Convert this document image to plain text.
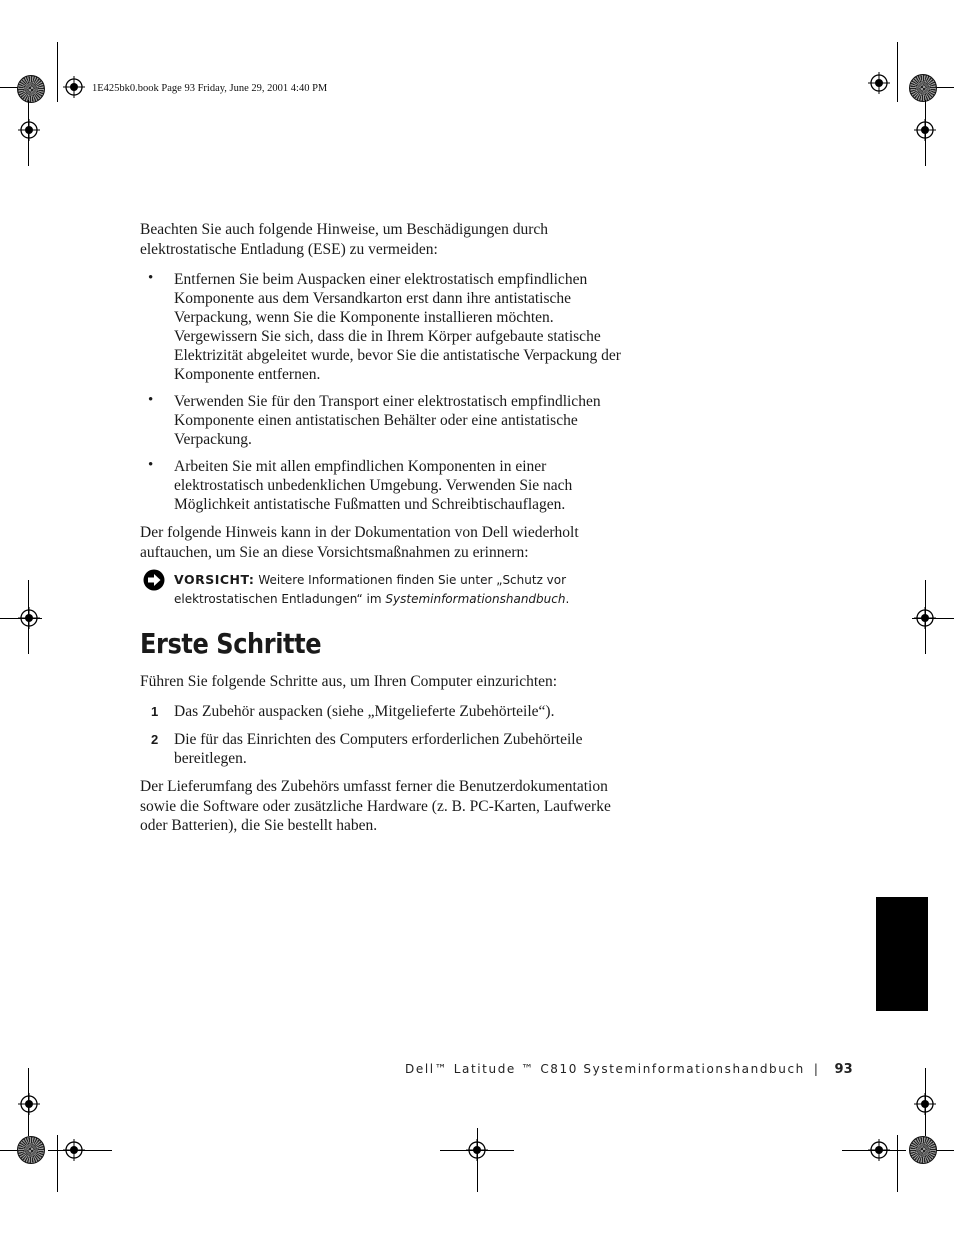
1E425bk0.book Page 93 Friday, June 29, 2001 4:40 PM

Beachten Sie auch folgende Hinweise, um Beschädigungen durch elektrostatische Entladung (ESE) zu vermeiden:

• Entfernen Sie beim Auspacken einer elektrostatisch empfindlichen Komponente aus dem Versandkarton erst dann ihre antistatische Verpackung, wenn Sie die Komponente installieren möchten. Vergewissern Sie sich, dass die in Ihrem Körper aufgebaute statische Elektrizität abgeleitet wurde, bevor Sie die antistatische Verpackung der Komponente entfernen.

• Verwenden Sie für den Transport einer elektrostatisch empfindlichen Komponente einen antistatischen Behälter oder eine antistatische Verpackung.

• Arbeiten Sie mit allen empfindlichen Komponenten in einer elektrostatisch unbedenklichen Umgebung. Verwenden Sie nach Möglichkeit antistatische Fußmatten und Schreibtischauflagen.

Der folgende Hinweis kann in der Dokumentation von Dell wiederholt auftauchen, um Sie an diese Vorsichtsmaßnahmen zu erinnern:

VORSICHT: Weitere Informationen finden Sie unter „Schutz vor elektrostatischen Entladungen“ im Systeminformationshandbuch.
Erste Schritte

Führen Sie folgende Schritte aus, um Ihren Computer einzurichten:

1 Das Zubehör auspacken (siehe „Mitgelieferte Zubehörteile“).

2 Die für das Einrichten des Computers erforderlichen Zubehörteile bereitlegen.

Der Lieferumfang des Zubehörs umfasst ferner die Benutzerdokumentation sowie die Software oder zusätzliche Hardware (z. B. PC-Karten, Laufwerke oder Batterien), die Sie bestellt haben.

Dell™ Latitude ™ C810 Systeminformationshandbuch | 93
